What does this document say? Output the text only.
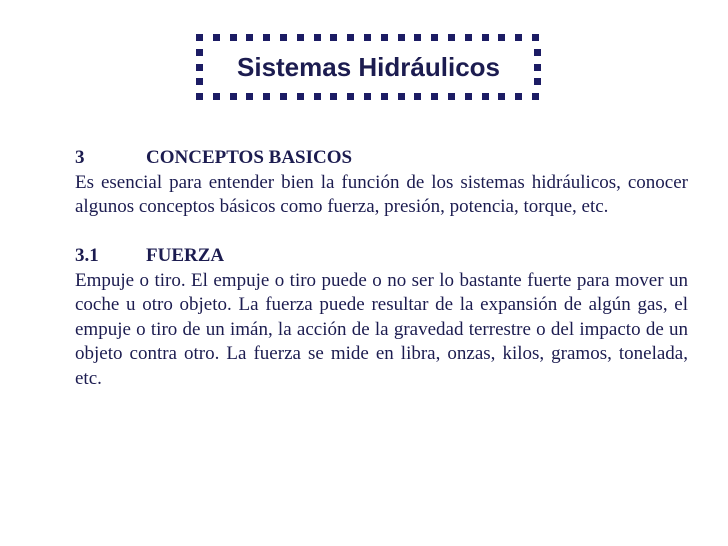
Sistemas Hidráulicos
3	CONCEPTOS BASICOS

Es esencial para entender bien la función de los sistemas hidráulicos, conocer algunos conceptos básicos como fuerza, presión, potencia, torque, etc.

3.1	FUERZA

Empuje o tiro. El empuje o tiro puede o no ser lo bastante fuerte para mover un coche u otro objeto. La fuerza puede resultar de la expansión de algún gas, el empuje o tiro de un imán, la acción de la gravedad terrestre o del impacto de un objeto contra otro. La fuerza se mide en libra, onzas, kilos, gramos, tonelada, etc.
